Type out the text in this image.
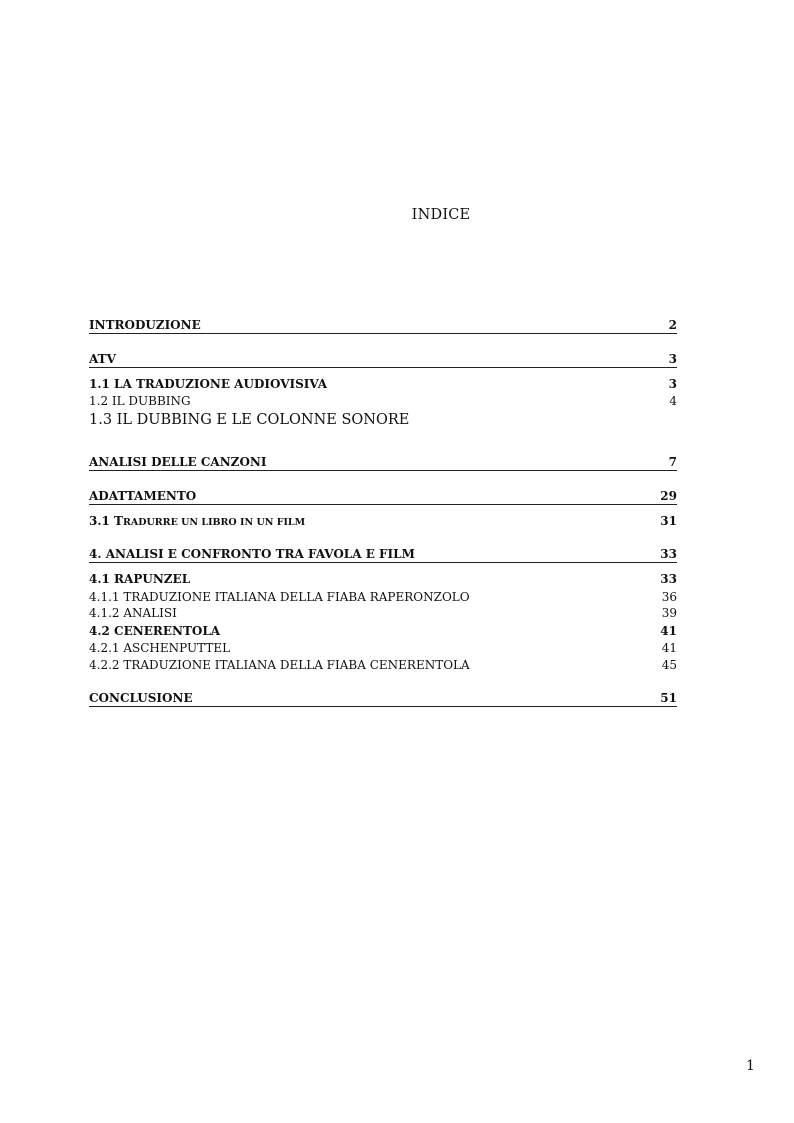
INDICE
INTRODUZIONE	2
ATV	3
1.1 LA TRADUZIONE AUDIOVISIVA	3
1.2 IL DUBBING	4
1.3 IL DUBBING E LE COLONNE SONORE
ANALISI DELLE CANZONI	7
ADATTAMENTO	29
3.1 TRADURRE UN LIBRO IN UN FILM	31
4. ANALISI E CONFRONTO TRA FAVOLA E FILM	33
4.1 RAPUNZEL	33
4.1.1 TRADUZIONE ITALIANA DELLA FIABA RAPERONZOLO	36
4.1.2 ANALISI	39
4.2 CENERENTOLA	41
4.2.1 ASCHENPUTTEL	41
4.2.2 TRADUZIONE ITALIANA DELLA FIABA CENERENTOLA	45
CONCLUSIONE	51
1
